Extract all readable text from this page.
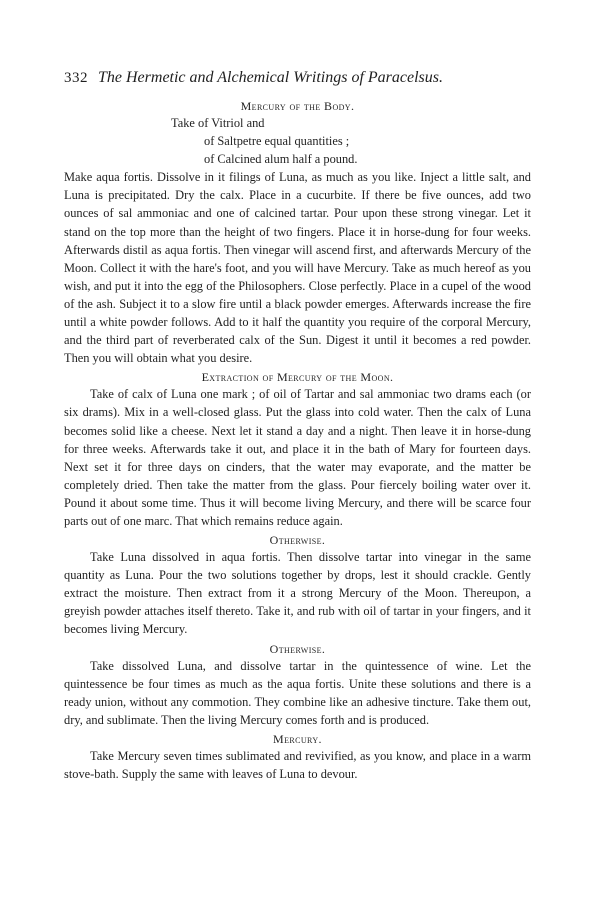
332 The Hermetic and Alchemical Writings of Paracelsus.
Mercury of the Body.
Take of Vitriol and
of Saltpetre equal quantities ;
of Calcined alum half a pound.
Make aqua fortis. Dissolve in it filings of Luna, as much as you like. Inject a little salt, and Luna is precipitated. Dry the calx. Place in a cucurbite. If there be five ounces, add two ounces of sal ammoniac and one of calcined tartar. Pour upon these strong vinegar. Let it stand on the top more than the height of two fingers. Place it in horse-dung for four weeks. Afterwards distil as aqua fortis. Then vinegar will ascend first, and afterwards Mercury of the Moon. Collect it with the hare's foot, and you will have Mercury. Take as much hereof as you wish, and put it into the egg of the Philosophers. Close perfectly. Place in a cupel of the wood of the ash. Subject it to a slow fire until a black powder emerges. Afterwards increase the fire until a white powder follows. Add to it half the quantity you require of the corporal Mercury, and the third part of reverberated calx of the Sun. Digest it until it becomes a red powder. Then you will obtain what you desire.
Extraction of Mercury of the Moon.
Take of calx of Luna one mark ; of oil of Tartar and sal ammoniac two drams each (or six drams). Mix in a well-closed glass. Put the glass into cold water. Then the calx of Luna becomes solid like a cheese. Next let it stand a day and a night. Then leave it in horse-dung for three weeks. Afterwards take it out, and place it in the bath of Mary for fourteen days. Next set it for three days on cinders, that the water may evaporate, and the matter be completely dried. Then take the matter from the glass. Pour fiercely boiling water over it. Pound it about some time. Thus it will become living Mercury, and there will be scarce four parts out of one marc. That which remains reduce again.
Otherwise.
Take Luna dissolved in aqua fortis. Then dissolve tartar into vinegar in the same quantity as Luna. Pour the two solutions together by drops, lest it should crackle. Gently extract the moisture. Then extract from it a strong Mercury of the Moon. Thereupon, a greyish powder attaches itself thereto. Take it, and rub with oil of tartar in your fingers, and it becomes living Mercury.
Otherwise.
Take dissolved Luna, and dissolve tartar in the quintessence of wine. Let the quintessence be four times as much as the aqua fortis. Unite these solutions and there is a ready union, without any commotion. They combine like an adhesive tincture. Take them out, dry, and sublimate. Then the living Mercury comes forth and is produced.
Mercury.
Take Mercury seven times sublimated and revivified, as you know, and place in a warm stove-bath. Supply the same with leaves of Luna to devour.
